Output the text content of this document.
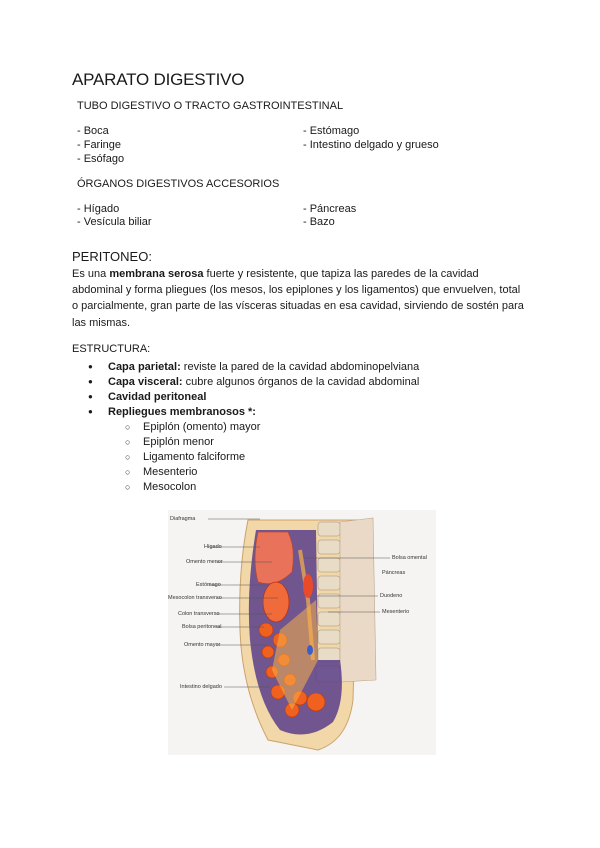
APARATO DIGESTIVO
TUBO DIGESTIVO O TRACTO GASTROINTESTINAL
- Boca
- Faringe
- Esófago
- Estómago
- Intestino delgado y grueso
ÓRGANOS DIGESTIVOS ACCESORIOS
- Hígado
- Vesícula biliar
- Páncreas
- Bazo
PERITONEO:
Es una membrana serosa fuerte y resistente, que tapiza las paredes de la cavidad abdominal y forma pliegues (los mesos, los epiplones y los ligamentos) que envuelven, total o parcialmente, gran parte de las vísceras situadas en esa cavidad, sirviendo de sostén para las mismas.
ESTRUCTURA:
● Capa parietal: reviste la pared de la cavidad abdominopelviana
● Capa visceral: cubre algunos órganos de la cavidad abdominal
● Cavidad peritoneal
● Repliegues membranosos *:
○ Epiplón (omento) mayor
○ Epiplón menor
○ Ligamento falciforme
○ Mesenterio
○ Mesocolon
Diafragma
Hígado
Omento menor
Estómago
Mesocolon transverso
Colon transverso
Bolsa peritoneal
Omento mayor
Intestino delgado
Bolsa omental
Páncreas
Duodeno
Mesenterio
